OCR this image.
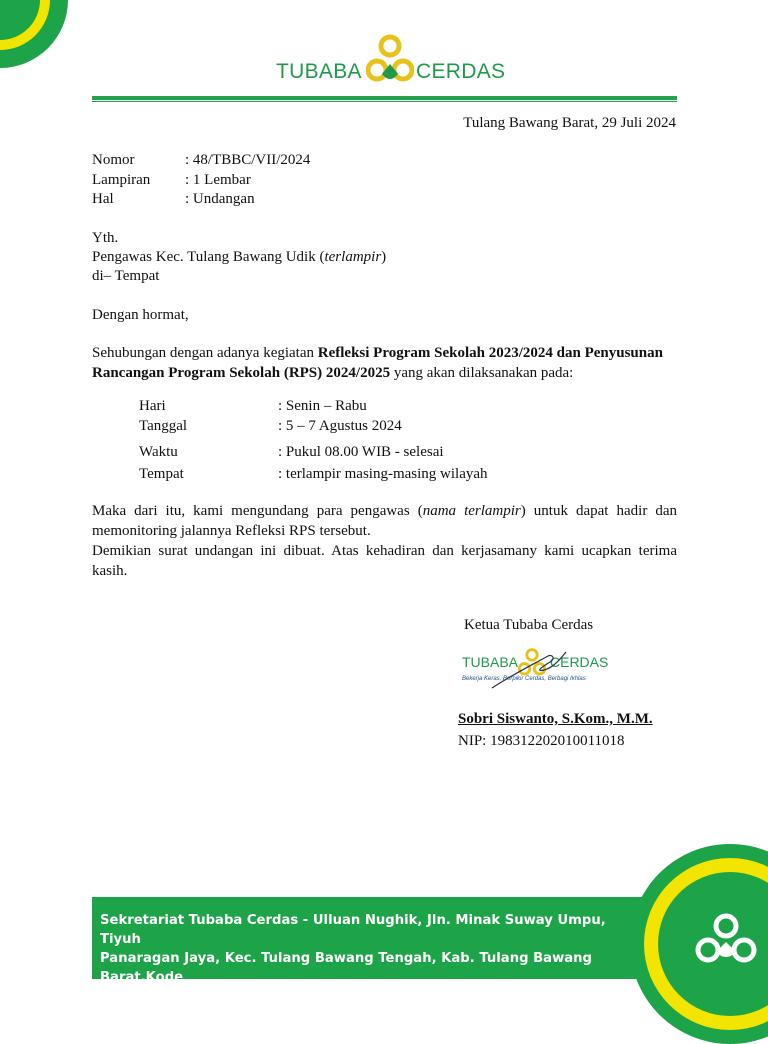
TUBABA	CERDAS
Tulang Bawang Barat, 29 Juli 2024
Nomor	: 48/TBBC/VII/2024
Lampiran : 1 Lembar
Hal	: Undangan
Yth.
Pengawas Kec. Tulang Bawang Udik (terlampir)
di– Tempat
Dengan hormat,
Sehubungan dengan adanya kegiatan Refleksi Program Sekolah 2023/2024 dan Penyusunan Rancangan Program Sekolah (RPS) 2024/2025 yang akan dilaksanakan pada:
Hari	: Senin – Rabu
Tanggal	: 5 – 7 Agustus 2024
Waktu	: Pukul 08.00 WIB - selesai
Tempat	: terlampir masing-masing wilayah
Maka dari itu, kami mengundang para pengawas (nama terlampir) untuk dapat hadir dan memonitoring jalannya Refleksi RPS tersebut.
Demikian surat undangan ini dibuat. Atas kehadiran dan kerjasamany kami ucapkan terima kasih.
Ketua Tubaba Cerdas
TUBABA CERDAS
Bekerja Keras, Berpikir Cerdas, Berbagi Ikhlas
Sobri Siswanto, S.Kom., M.M.
NIP: 198312202010011018
Sekretariat Tubaba Cerdas - Ulluan Nughik, Jln. Minak Suway Umpu, Tiyuh
Panaragan Jaya, Kec. Tulang Bawang Tengah, Kab. Tulang Bawang Barat,Kode
Pos 34693 , +6281369118787, tubabacerdas@gmail.com
